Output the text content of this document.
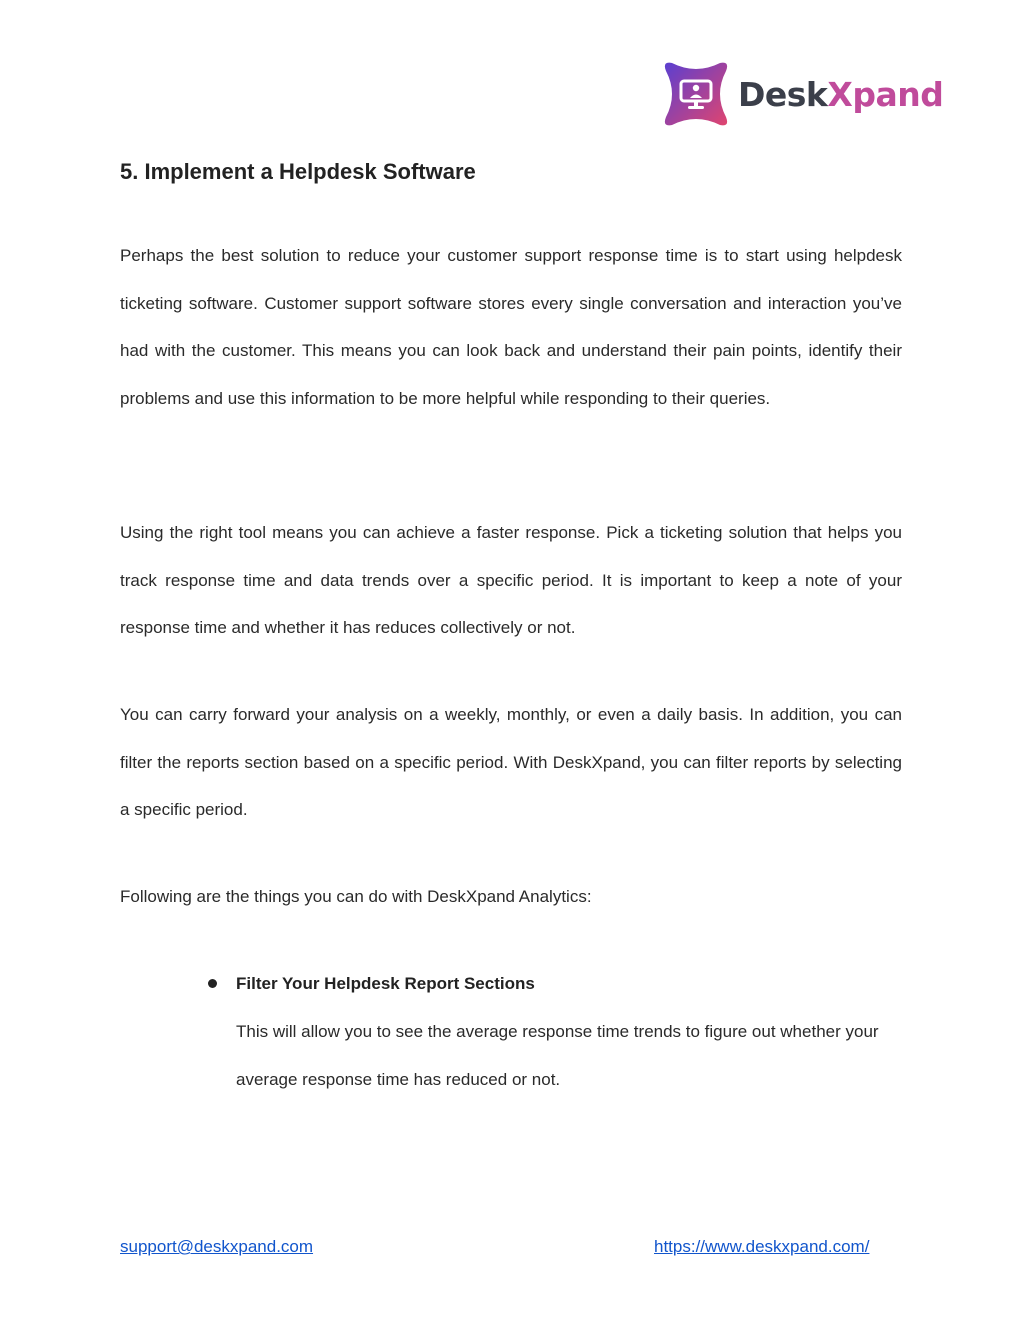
DeskXpand
5. Implement a Helpdesk Software

Perhaps the best solution to reduce your customer support response time is to start using helpdesk ticketing software. Customer support software stores every single conversation and interaction you’ve had with the customer. This means you can look back and understand their pain points, identify their problems and use this information to be more helpful while responding to their queries.

Using the right tool means you can achieve a faster response. Pick a ticketing solution that helps you track response time and data trends over a specific period. It is important to keep a note of your response time and whether it has reduces collectively or not.

You can carry forward your analysis on a weekly, monthly, or even a daily basis. In addition, you can filter the reports section based on a specific period. With DeskXpand, you can filter reports by selecting a specific period.

Following are the things you can do with DeskXpand Analytics:

Filter Your Helpdesk Report Sections

This will allow you to see the average response time trends to figure out whether your average response time has reduced or not.

support@deskxpand.com	https://www.deskxpand.com/
